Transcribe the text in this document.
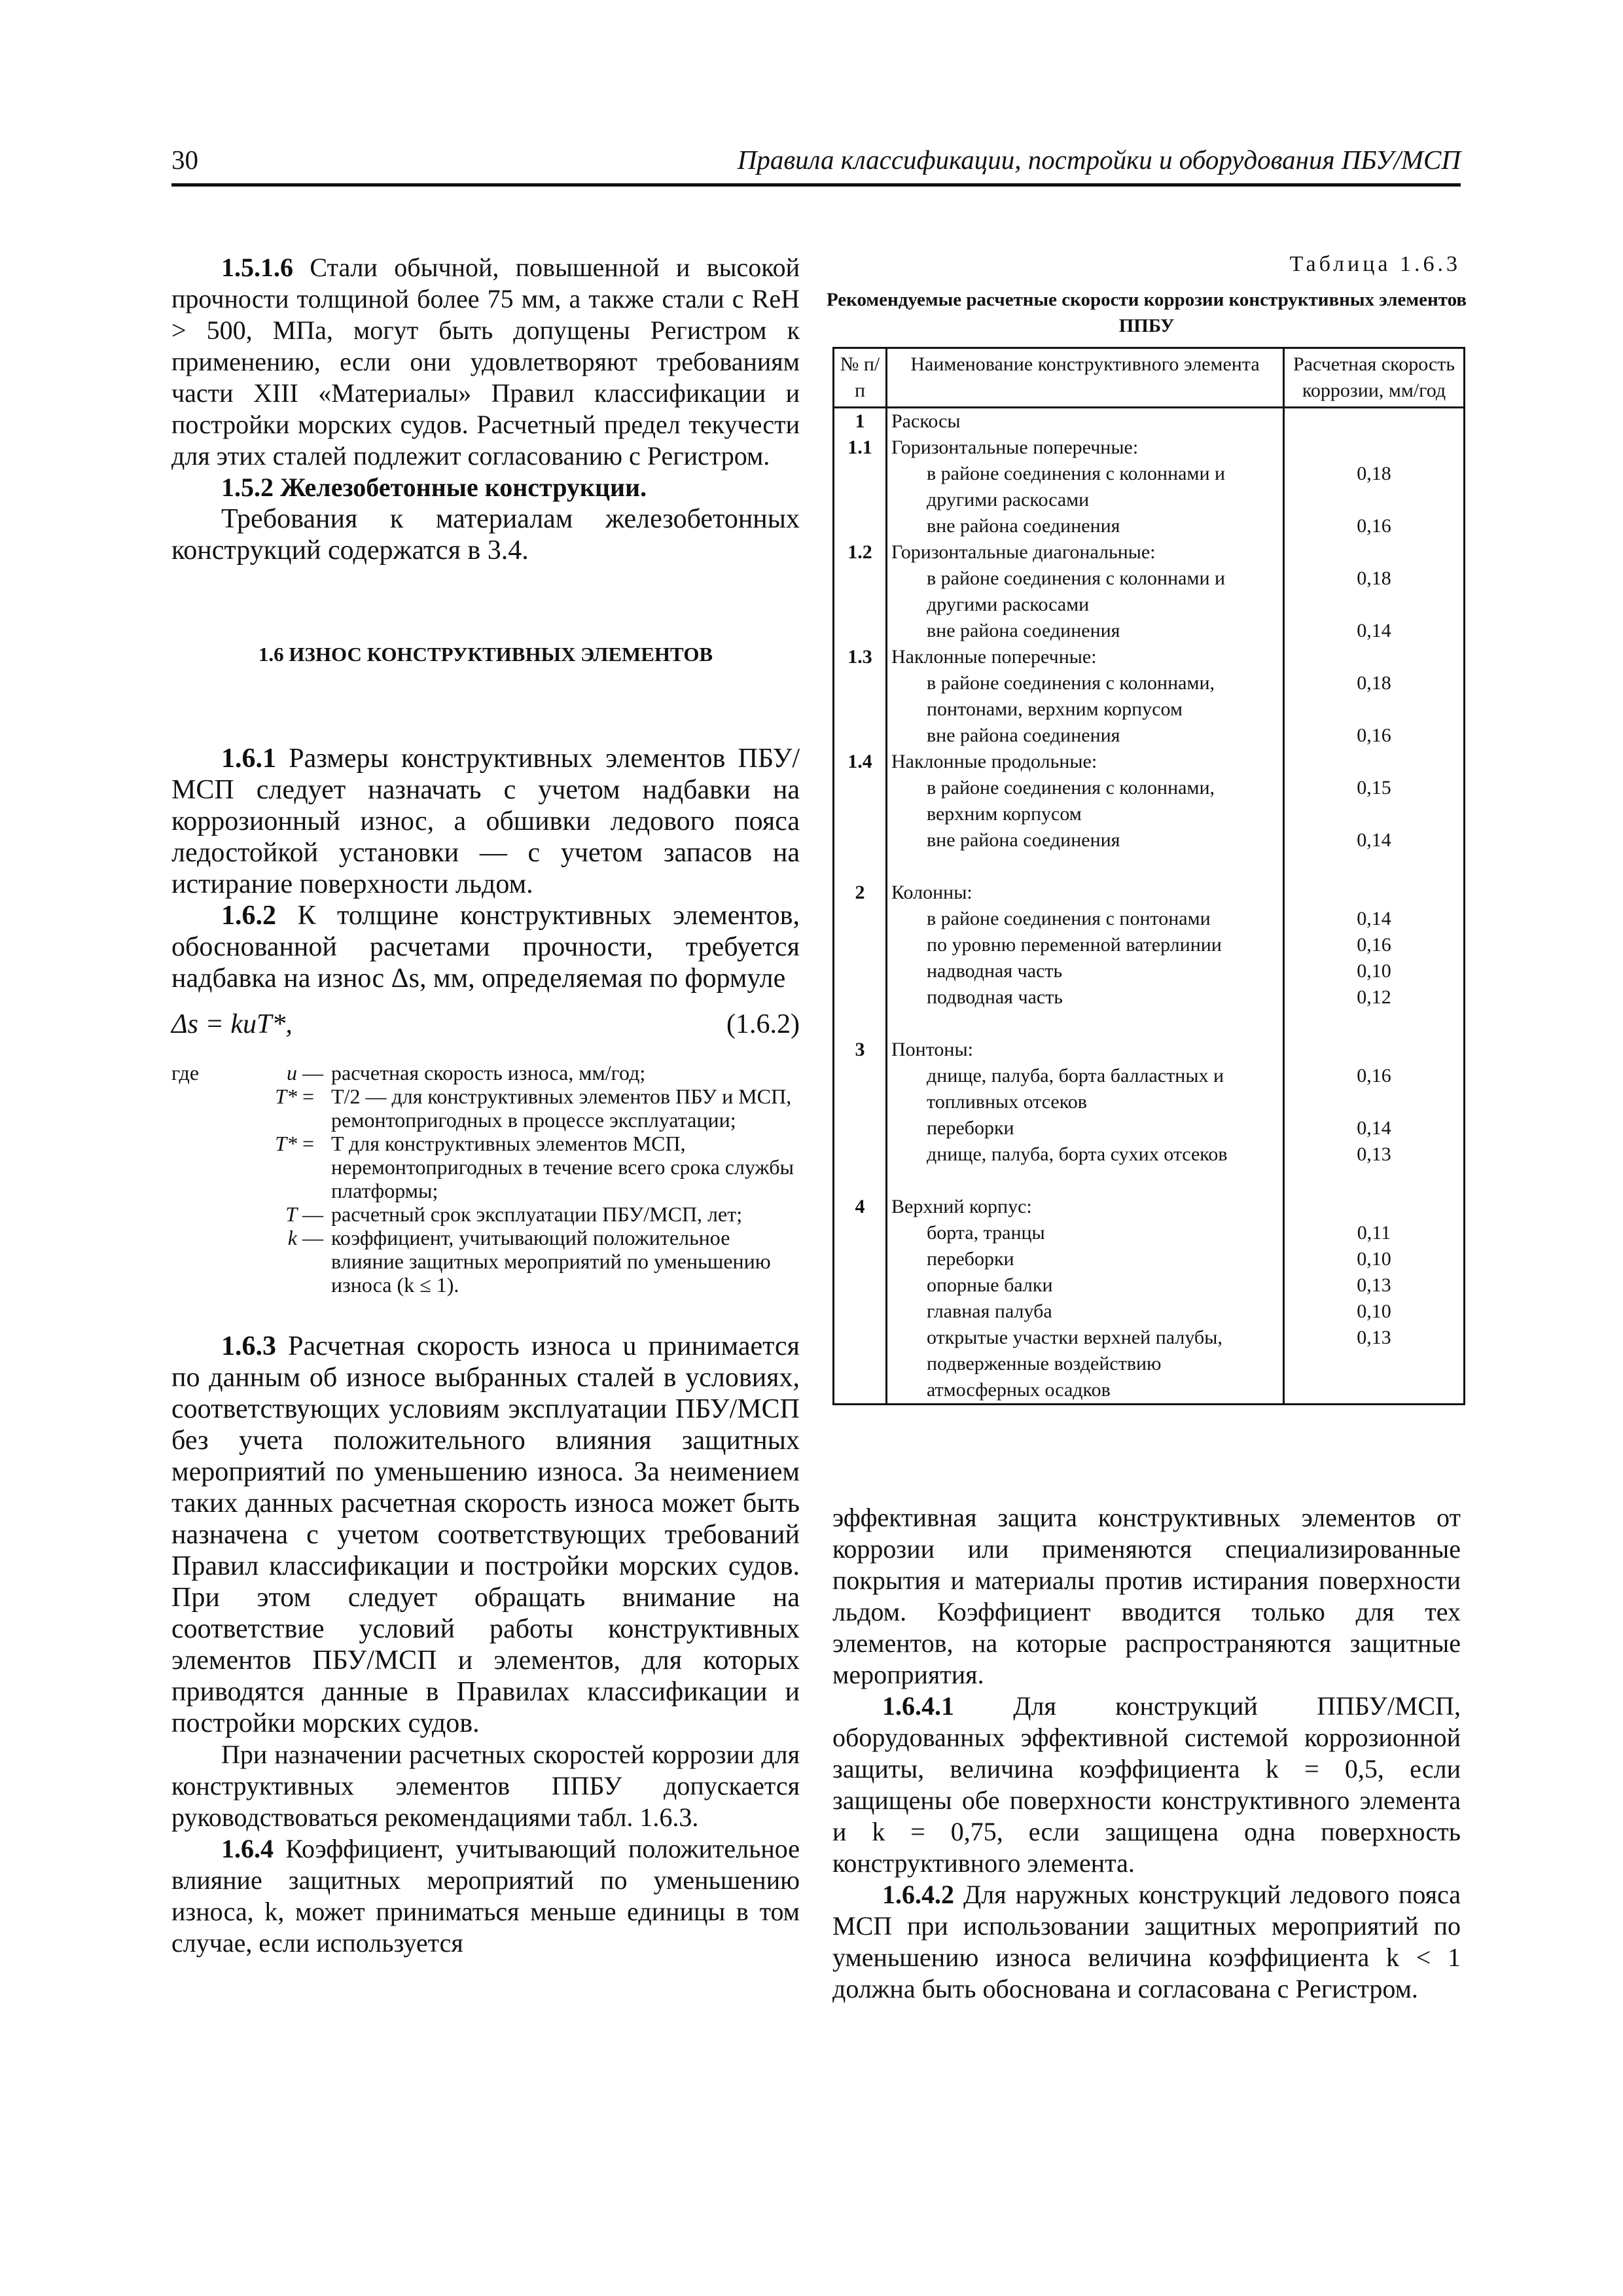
30	Правила классификации, постройки и оборудования ПБУ/МСП

1.5.1.6 Стали обычной, повышенной и высокой прочности толщиной более 75 мм, а также стали с ReH > 500, МПа, могут быть допущены Регистром к применению, если они удовлетворяют требованиям части XIII «Материалы» Правил классификации и постройки морских судов. Расчетный предел текучести для этих сталей подлежит согласованию с Регистром.

1.5.2 Железобетонные конструкции.

Требования к материалам железобетонных конструкций содержатся в 3.4.

1.6 ИЗНОС КОНСТРУКТИВНЫХ ЭЛЕМЕНТОВ

1.6.1 Размеры конструктивных элементов ПБУ/МСП следует назначать с учетом надбавки на коррозионный износ, а обшивки ледового пояса ледостойкой установки — с учетом запасов на истирание поверхности льдом.

1.6.2 К толщине конструктивных элементов, обоснованной расчетами прочности, требуется надбавка на износ Δs, мм, определяемая по формуле

Δs = kuT*,	(1.6.2)
где	u — расчетная скорость износа, мм/год;
T* = T/2 — для конструктивных элементов ПБУ и МСП, ремонтопригодных в процессе эксплуатации;
T* = T для конструктивных элементов МСП, неремонтопригодных в течение всего срока службы платформы;
T — расчетный срок эксплуатации ПБУ/МСП, лет;
k — коэффициент, учитывающий положительное влияние защитных мероприятий по уменьшению износа (k ≤ 1).

1.6.3 Расчетная скорость износа u принимается по данным об износе выбранных сталей в условиях, соответствующих условиям эксплуатации ПБУ/МСП без учета положительного влияния защитных мероприятий по уменьшению износа. За неимением таких данных расчетная скорость износа может быть назначена с учетом соответствующих требований Правил классификации и постройки морских судов. При этом следует обращать внимание на соответствие условий работы конструктивных элементов ПБУ/МСП и элементов, для которых приводятся данные в Правилах классификации и постройки морских судов.

При назначении расчетных скоростей коррозии для конструктивных элементов ППБУ допускается руководствоваться рекомендациями табл. 1.6.3.

1.6.4 Коэффициент, учитывающий положительное влияние защитных мероприятий по уменьшению износа, k, может приниматься меньше единицы в том случае, если используется

Таблица 1.6.3
Рекомендуемые расчетные скорости коррозии конструктивных элементов ППБУ
№ п/п	Наименование конструктивного элемента	Расчетная скорость коррозии, мм/год
1	Раскосы	

1.1	Горизонтальные поперечные:	

	в районе соединения с колоннами и другими раскосами	0,18

	вне района соединения	0,16
1.2	Горизонтальные диагональные:	

	в районе соединения с колоннами и другими раскосами	0,18

	вне района соединения	0,14
1.3	Наклонные поперечные:	

	в районе соединения с колоннами, понтонами, верхним корпусом	0,18

	вне района соединения	0,16
1.4	Наклонные продольные:	

	в районе соединения с колоннами, верхним корпусом	0,15

	вне района соединения	0,14

2	Колонны:	

	в районе соединения с понтонами	0,14

	по уровню переменной ватерлинии	0,16

	надводная часть	0,10

	подводная часть	0,12

3	Понтоны:	

	днище, палуба, борта балластных и топливных отсеков	0,16

	переборки	0,14

	днище, палуба, борта сухих отсеков	0,13

4	Верхний корпус:	

	борта, транцы	0,11

	переборки	0,10

	опорные балки	0,13

	главная палуба	0,10

	открытые участки верхней палубы, подверженные воздействию атмосферных осадков	0,13

эффективная защита конструктивных элементов от коррозии или применяются специализированные покрытия и материалы против истирания поверхности льдом. Коэффициент вводится только для тех элементов, на которые распространяются защитные мероприятия.

1.6.4.1 Для конструкций ППБУ/МСП, оборудованных эффективной системой коррозионной защиты, величина коэффициента k = 0,5, если защищены обе поверхности конструктивного элемента и k = 0,75, если защищена одна поверхность конструктивного элемента.

1.6.4.2 Для наружных конструкций ледового пояса МСП при использовании защитных мероприятий по уменьшению износа величина коэффициента k < 1 должна быть обоснована и согласована с Регистром.
